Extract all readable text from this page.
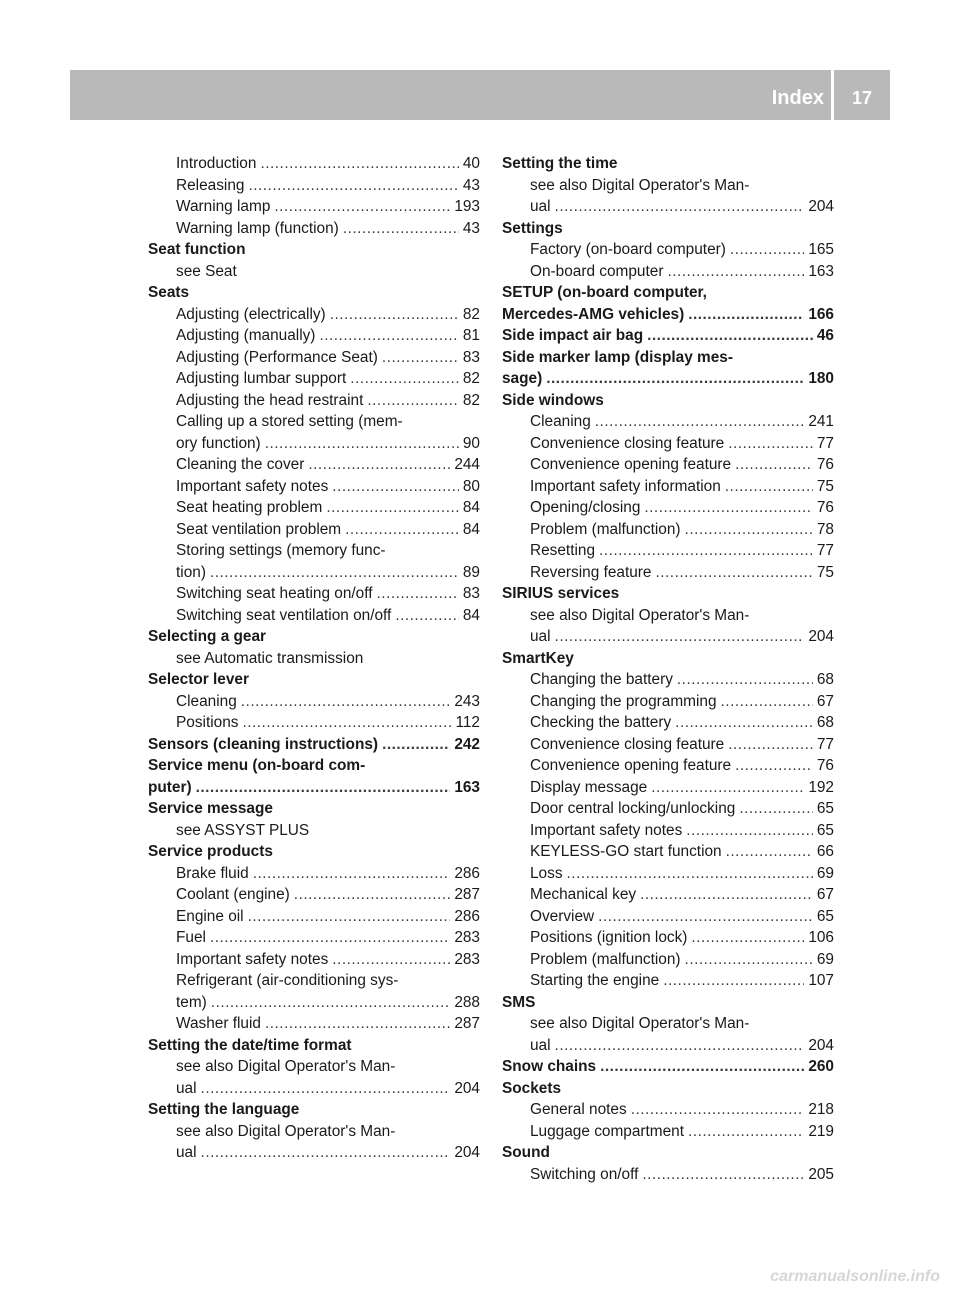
Index	17
Introduction .....	40
Releasing .....	43
Warning lamp .....	193
Warning lamp (function) .....	43
Seat function
see Seat
Seats
Adjusting (electrically) .....	82
Adjusting (manually) .....	81
Adjusting (Performance Seat) .....	83
Adjusting lumbar support .....	82
Adjusting the head restraint .....	82
Calling up a stored setting (mem-
ory function) .....	90
Cleaning the cover .....	244
Important safety notes .....	80
Seat heating problem .....	84
Seat ventilation problem .....	84
Storing settings (memory func-
tion) .....	89
Switching seat heating on/off .....	83
Switching seat ventilation on/off .....	84
Selecting a gear
see Automatic transmission
Selector lever
Cleaning .....	243
Positions .....	112
Sensors (cleaning instructions) .....	242
Service menu (on-board com-
puter) .....	163
Service message
see ASSYST PLUS
Service products
Brake fluid .....	286
Coolant (engine) .....	287
Engine oil .....	286
Fuel .....	283
Important safety notes .....	283
Refrigerant (air-conditioning sys-
tem) .....	288
Washer fluid .....	287
Setting the date/time format
see also Digital Operator's Man-
ual .....	204
Setting the language
see also Digital Operator's Man-
ual .....	204
Setting the time
see also Digital Operator's Man-
ual .....	204
Settings
Factory (on-board computer) .....	165
On-board computer .....	163
SETUP (on-board computer,
Mercedes-AMG vehicles) .....	166
Side impact air bag .....	46
Side marker lamp (display mes-
sage) .....	180
Side windows
Cleaning .....	241
Convenience closing feature .....	77
Convenience opening feature .....	76
Important safety information .....	75
Opening/closing .....	76
Problem (malfunction) .....	78
Resetting .....	77
Reversing feature .....	75
SIRIUS services
see also Digital Operator's Man-
ual .....	204
SmartKey
Changing the battery .....	68
Changing the programming .....	67
Checking the battery .....	68
Convenience closing feature .....	77
Convenience opening feature .....	76
Display message .....	192
Door central locking/unlocking .....	65
Important safety notes .....	65
KEYLESS-GO start function .....	66
Loss .....	69
Mechanical key .....	67
Overview .....	65
Positions (ignition lock) .....	106
Problem (malfunction) .....	69
Starting the engine .....	107
SMS
see also Digital Operator's Man-
ual .....	204
Snow chains .....	260
Sockets
General notes .....	218
Luggage compartment .....	219
Sound
Switching on/off .....	205
carmanualsonline.info
